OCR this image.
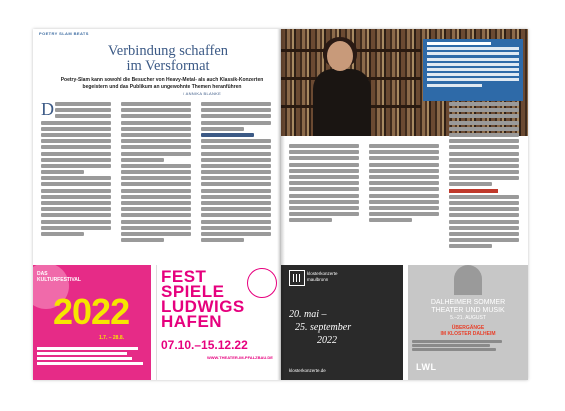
POETRY SLAM BEATS
Verbindung schaffen
im Versformat
Poetry-Slam kann sowohl die Besucher von Heavy-Metal- als auch Klassik-Konzerten begeistern und das Publikum an ungewohnte Themen heranführen
/ ANNIKA BLANKE
D
DAS KULTURFESTIVAL
2022
1.7. – 28.8.
FEST
SPIELE
LUDWIGS
HAFEN
07.10.–15.12.22
WWW.THEATER-IM-PFALZBAU.DE
klosterkonzerte
maulbronn
20. mai –
25. september
2022
klosterkonzerte.de
DALHEIMER SOMMER
THEATER UND MUSIK
5.–21. AUGUST
ÜBERGÄNGE
IM KLOSTER DALHEIM
LWL
